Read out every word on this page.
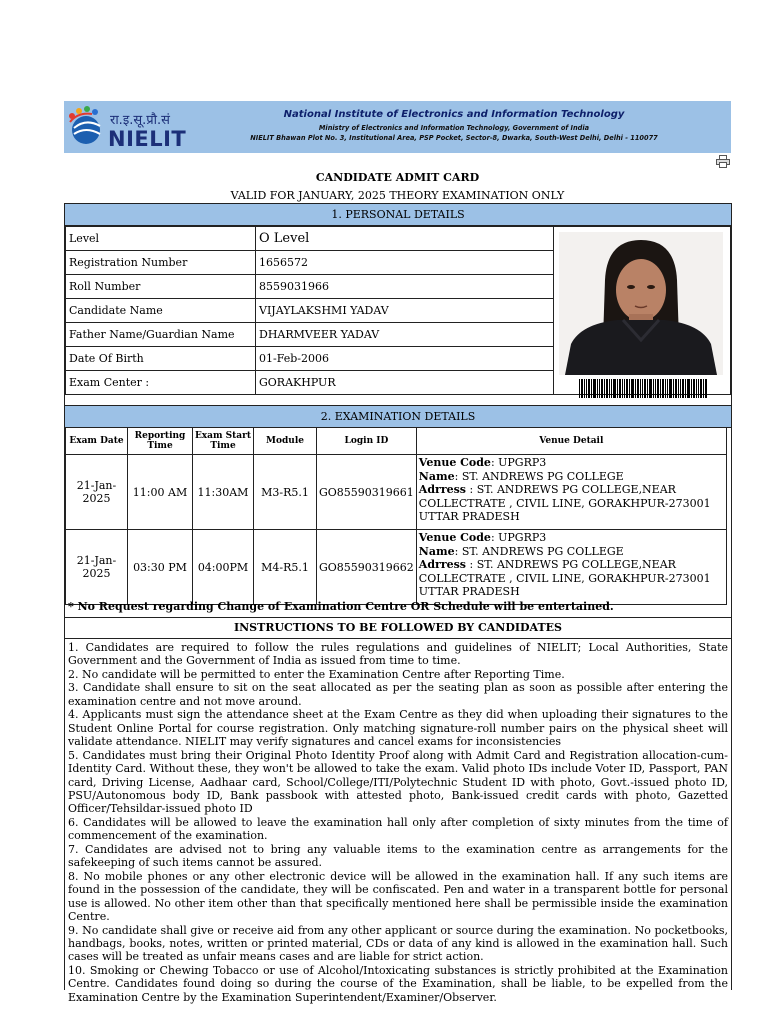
रा.इ.सू.प्रौ.सं
NIELIT
National Institute of Electronics and Information Technology
Ministry of Electronics and Information Technology, Government of India
NIELIT Bhawan Plot No. 3, Institutional Area, PSP Pocket, Sector-8, Dwarka, South-West Delhi, Delhi - 110077
CANDIDATE ADMIT CARD
VALID FOR JANUARY, 2025 THEORY EXAMINATION ONLY
1. PERSONAL DETAILS
Level	O Level	
Registration Number	1656572	
Roll Number	8559031966	
Candidate Name	VIJAYLAKSHMI YADAV	
Father Name/Guardian Name	DHARMVEER YADAV	
Date Of Birth	01-Feb-2006	
Exam Center :	GORAKHPUR	
2. EXAMINATION DETAILS
Exam Date	Reporting Time	Exam Start Time	Module	Login ID	Venue Detail
21-Jan-2025	11:00 AM	11:30AM	M3-R5.1	GO85590319661	Venue Code: UPGRP3
Name: ST. ANDREWS PG COLLEGE
Adrress : ST. ANDREWS PG COLLEGE,NEAR COLLECTRATE , CIVIL LINE, GORAKHPUR-273001 UTTAR PRADESH
21-Jan-2025	03:30 PM	04:00PM	M4-R5.1	GO85590319662	Venue Code: UPGRP3
Name: ST. ANDREWS PG COLLEGE
Adrress : ST. ANDREWS PG COLLEGE,NEAR COLLECTRATE , CIVIL LINE, GORAKHPUR-273001 UTTAR PRADESH
* No Request regarding Change of Examination Centre OR Schedule will be entertained.
INSTRUCTIONS TO BE FOLLOWED BY CANDIDATES

1. Candidates are required to follow the rules regulations and guidelines of NIELIT; Local Authorities, State Government and the Government of India as issued from time to time.

2. No candidate will be permitted to enter the Examination Centre after Reporting Time.

3. Candidate shall ensure to sit on the seat allocated as per the seating plan as soon as possible after entering the examination centre and not move around.

4. Applicants must sign the attendance sheet at the Exam Centre as they did when uploading their signatures to the Student Online Portal for course registration. Only matching signature-roll number pairs on the physical sheet will validate attendance. NIELIT may verify signatures and cancel exams for inconsistencies

5. Candidates must bring their Original Photo Identity Proof along with Admit Card and Registration allocation-cum-Identity Card. Without these, they won't be allowed to take the exam. Valid photo IDs include Voter ID, Passport, PAN card, Driving License, Aadhaar card, School/College/ITI/Polytechnic Student ID with photo, Govt.-issued photo ID, PSU/Autonomous body ID, Bank passbook with attested photo, Bank-issued credit cards with photo, Gazetted Officer/Tehsildar-issued photo ID

6. Candidates will be allowed to leave the examination hall only after completion of sixty minutes from the time of commencement of the examination.

7. Candidates are advised not to bring any valuable items to the examination centre as arrangements for the safekeeping of such items cannot be assured.

8. No mobile phones or any other electronic device will be allowed in the examination hall. If any such items are found in the possession of the candidate, they will be confiscated. Pen and water in a transparent bottle for personal use is allowed. No other item other than that specifically mentioned here shall be permissible inside the examination Centre.

9. No candidate shall give or receive aid from any other applicant or source during the examination. No pocketbooks, handbags, books, notes, written or printed material, CDs or data of any kind is allowed in the examination hall. Such cases will be treated as unfair means cases and are liable for strict action.

10. Smoking or Chewing Tobacco or use of Alcohol/Intoxicating substances is strictly prohibited at the Examination Centre. Candidates found doing so during the course of the Examination, shall be liable, to be expelled from the Examination Centre by the Examination Superintendent/Examiner/Observer.
